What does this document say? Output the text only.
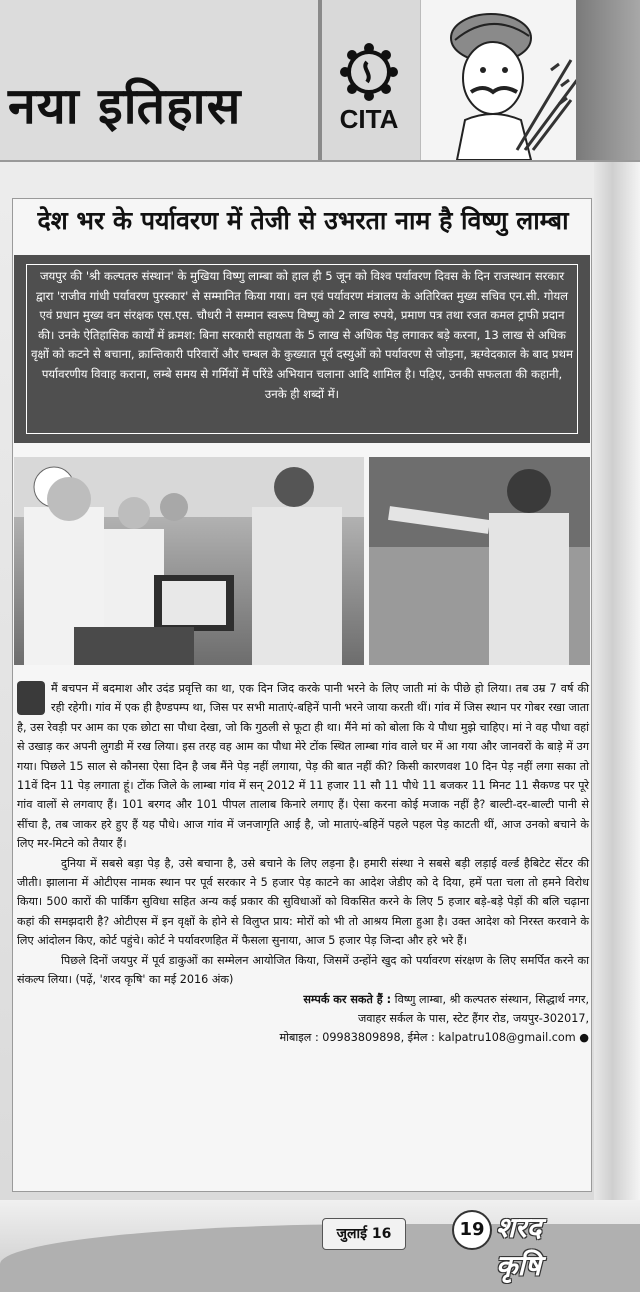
नया इतिहास	CITA
देश भर के पर्यावरण में तेजी से उभरता नाम है विष्णु लाम्बा
जयपुर की 'श्री कल्पतरु संस्थान' के मुखिया विष्णु लाम्बा को हाल ही 5 जून को विश्व पर्यावरण दिवस के दिन राजस्थान सरकार द्वारा 'राजीव गांधी पर्यावरण पुरस्कार' से सम्मानित किया गया। वन एवं पर्यावरण मंत्रालय के अतिरिक्त मुख्य सचिव एन.सी. गोयल एवं प्रधान मुख्य वन संरक्षक एस.एस. चौधरी ने सम्मान स्वरूप विष्णु को 2 लाख रुपये, प्रमाण पत्र तथा रजत कमल ट्राफी प्रदान की। उनके ऐतिहासिक कार्यों में क्रमश: बिना सरकारी सहायता के 5 लाख से अधिक पेड़ लगाकर बड़े करना, 13 लाख से अधिक वृक्षों को कटने से बचाना, क्रान्तिकारी परिवारों और चम्बल के कुख्यात पूर्व दस्युओं को पर्यावरण से जोड़ना, ऋग्वेदकाल के बाद प्रथम पर्यावरणीय विवाह कराना, लम्बे समय से गर्मियों में परिंडे अभियान चलाना आदि शामिल है। पढ़िए, उनकी सफलता की कहानी, उनके ही शब्दों में।

मैं बचपन में बदमाश और उदंड प्रवृत्ति का था, एक दिन जिद करके पानी भरने के लिए जाती मां के पीछे हो लिया। तब उम्र 7 वर्ष की रही रहेगी। गांव में एक ही हैण्डपम्प था, जिस पर सभी माताएं-बहिनें पानी भरने जाया करती थीं। गांव में जिस स्थान पर गोबर रखा जाता है, उस रेवड़ी पर आम का एक छोटा सा पौधा देखा, जो कि गुठली से फूटा ही था। मैंने मां को बोला कि ये पौधा मुझे चाहिए। मां ने वह पौधा वहां से उखाड़ कर अपनी लुगडी में रख लिया। इस तरह वह आम का पौधा मेरे टोंक स्थित लाम्बा गांव वाले घर में आ गया और जानवरों के बाड़े में उग गया। पिछले 15 साल से कौनसा ऐसा दिन है जब मैंने पेड़ नहीं लगाया, पेड़ की बात नहीं की? किसी कारणवश 10 दिन पेड़ नहीं लगा सका तो 11वें दिन 11 पेड़ लगाता हूं। टोंक जिले के लाम्बा गांव में सन् 2012 में 11 हजार 11 सौ 11 पौधे 11 बजकर 11 मिनट 11 सैकण्ड पर पूरे गांव वालों से लगवाए हैं। 101 बरगद और 101 पीपल तालाब किनारे लगाए हैं। ऐसा करना कोई मजाक नहीं है? बाल्टी-दर-बाल्टी पानी से सींचा है, तब जाकर हरे हुए हैं यह पौधे। आज गांव में जनजागृति आई है, जो माताएं-बहिनें पहले पहल पेड़ काटती थीं, आज उनको बचाने के लिए मर-मिटने को तैयार हैं।

दुनिया में सबसे बड़ा पेड़ है, उसे बचाना है, उसे बचाने के लिए लड़ना है। हमारी संस्था ने सबसे बड़ी लड़ाई वर्ल्ड हैबिटेट सेंटर की जीती। झालाना में ओटीएस नामक स्थान पर पूर्व सरकार ने 5 हजार पेड़ काटने का आदेश जेडीए को दे दिया, हमें पता चला तो हमने विरोध किया। 500 कारों की पार्किंग सुविधा सहित अन्य कई प्रकार की सुविधाओं को विकसित करने के लिए 5 हजार बड़े-बड़े पेड़ों की बलि चढ़ाना कहां की समझदारी है? ओटीएस में इन वृक्षों के होने से विलुप्त प्राय: मोरों को भी तो आश्रय मिला हुआ है। उक्त आदेश को निरस्त करवाने के लिए आंदोलन किए, कोर्ट पहुंचे। कोर्ट ने पर्यावरणहित में फैसला सुनाया, आज 5 हजार पेड़ जिन्दा और हरे भरे हैं।

पिछले दिनों जयपुर में पूर्व डाकुओं का सम्मेलन आयोजित किया, जिसमें उन्होंने खुद को पर्यावरण संरक्षण के लिए समर्पित करने का संकल्प लिया। (पढ़ें, 'शरद कृषि' का मई 2016 अंक)

सम्पर्क कर सकते हैं : विष्णु लाम्बा, श्री कल्पतरु संस्थान, सिद्धार्थ नगर,
जवाहर सर्कल के पास, स्टेट हैंगर रोड, जयपुर-302017,
मोबाइल : 09983809898, ईमेल : kalpatru108@gmail.com ●
जुलाई 16	19 शरद कृषि
